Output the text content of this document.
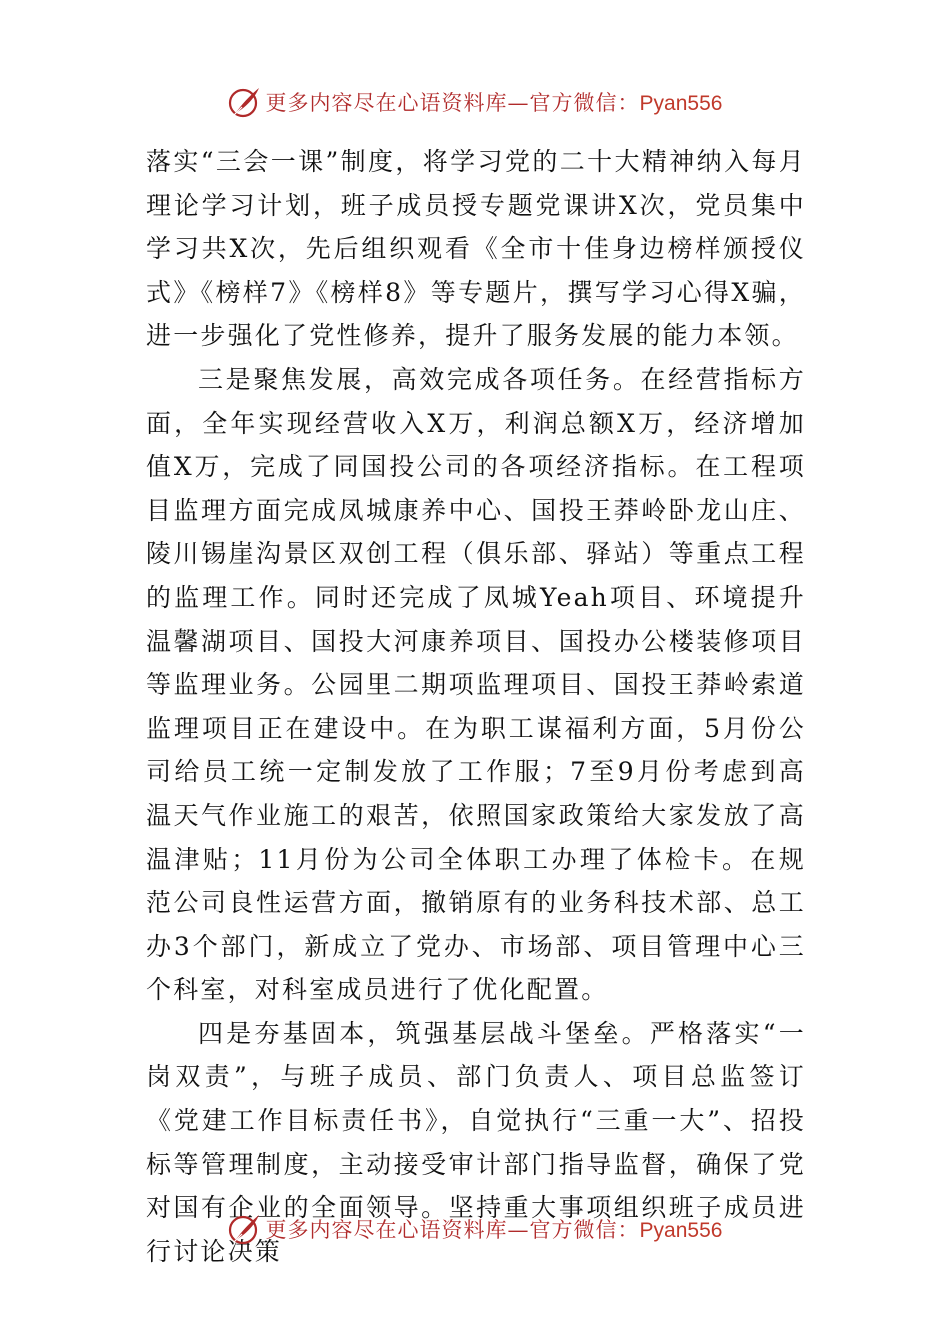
更多内容尽在心语资料库—官方微信：Pyan556

落实“三会一课”制度，将学习党的二十大精神纳入每月理论学习计划，班子成员授专题党课讲X次，党员集中学习共X次，先后组织观看《全市十佳身边榜样颁授仪式》《榜样7》《榜样8》等专题片，撰写学习心得X骗，进一步强化了党性修养，提升了服务发展的能力本领。

三是聚焦发展，高效完成各项任务。在经营指标方面，全年实现经营收入X万，利润总额X万，经济增加值X万，完成了同国投公司的各项经济指标。在工程项目监理方面完成凤城康养中心、国投王莽岭卧龙山庄、陵川锡崖沟景区双创工程（俱乐部、驿站）等重点工程的监理工作。同时还完成了凤城Yeah项目、环境提升温馨湖项目、国投大河康养项目、国投办公楼装修项目等监理业务。公园里二期项监理项目、国投王莽岭索道监理项目正在建设中。在为职工谋福利方面，5月份公司给员工统一定制发放了工作服；7至9月份考虑到高温天气作业施工的艰苦，依照国家政策给大家发放了高温津贴；11月份为公司全体职工办理了体检卡。在规范公司良性运营方面，撤销原有的业务科技术部、总工办3个部门，新成立了党办、市场部、项目管理中心三个科室，对科室成员进行了优化配置。

四是夯基固本，筑强基层战斗堡垒。严格落实“一岗双责”，与班子成员、部门负责人、项目总监签订《党建工作目标责任书》，自觉执行“三重一大”、招投标等管理制度，主动接受审计部门指导监督，确保了党对国有企业的全面领导。坚持重大事项组织班子成员进行讨论决策

更多内容尽在心语资料库—官方微信：Pyan556
